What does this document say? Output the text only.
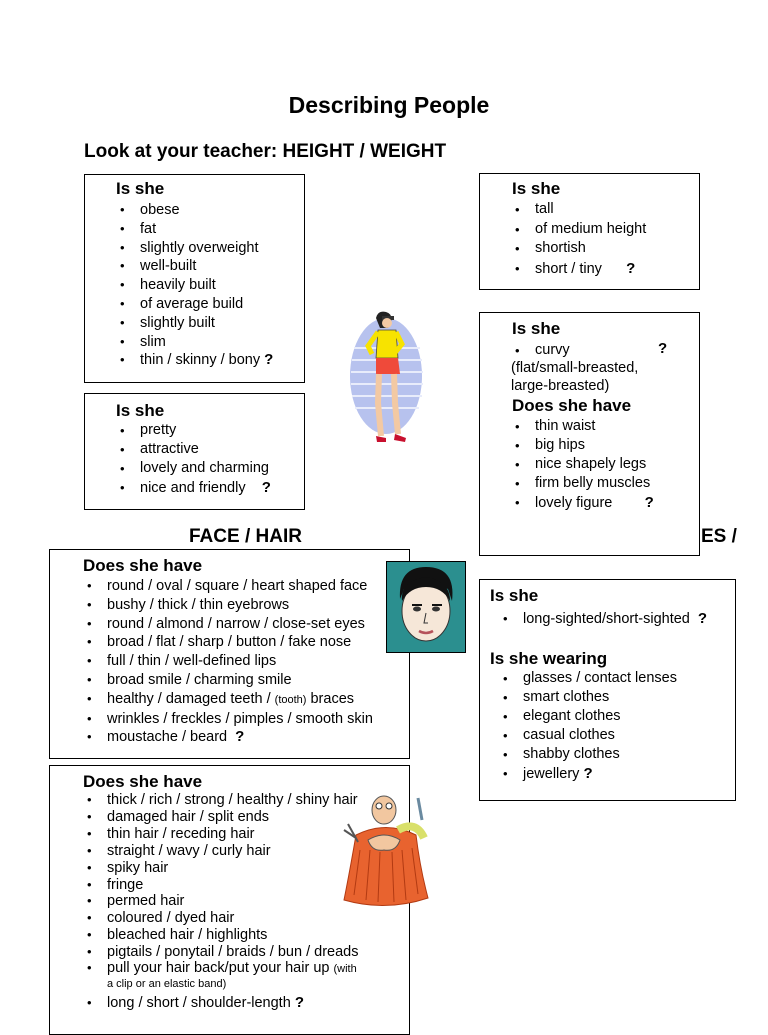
Describing People
Look at your teacher: HEIGHT / WEIGHT
Is she
• obese
• fat
• slightly overweight
• well-built
• heavily built
• of average build
• slightly built
• slim
• thin / skinny / bony ?
Is she
• pretty
• attractive
• lovely and charming
• nice and friendly ?
Is she
• tall
• of medium height
• shortish
• short / tiny ?
Is she
• curvy	?
(flat/small-breasted,
large-breasted)
Does she have
• thin waist
• big hips
• nice shapely legs
• firm belly muscles
• lovely figure ?
FACE / HAIR	ES /
Does she have
• round / oval / square / heart shaped face
• bushy / thick / thin eyebrows
• round / almond / narrow / close-set eyes
• broad / flat / sharp / button / fake nose
• full / thin / well-defined lips
• broad smile / charming smile
• healthy / damaged teeth / (tooth) braces
• wrinkles / freckles / pimples / smooth skin
• moustache / beard ?
Does she have
• thick / rich / strong / healthy / shiny hair
• damaged hair / split ends
• thin hair / receding hair
• straight / wavy / curly hair
• spiky hair
• fringe
• permed hair
• coloured / dyed hair
• bleached hair / highlights
• pigtails / ponytail / braids / bun / dreads
• pull your hair back/put your hair up (with
a clip or an elastic band)
• long / short / shoulder-length ?
Is she
• long-sighted/short-sighted ?
Is she wearing
• glasses / contact lenses
• smart clothes
• elegant clothes
• casual clothes
• shabby clothes
• jewellery ?
